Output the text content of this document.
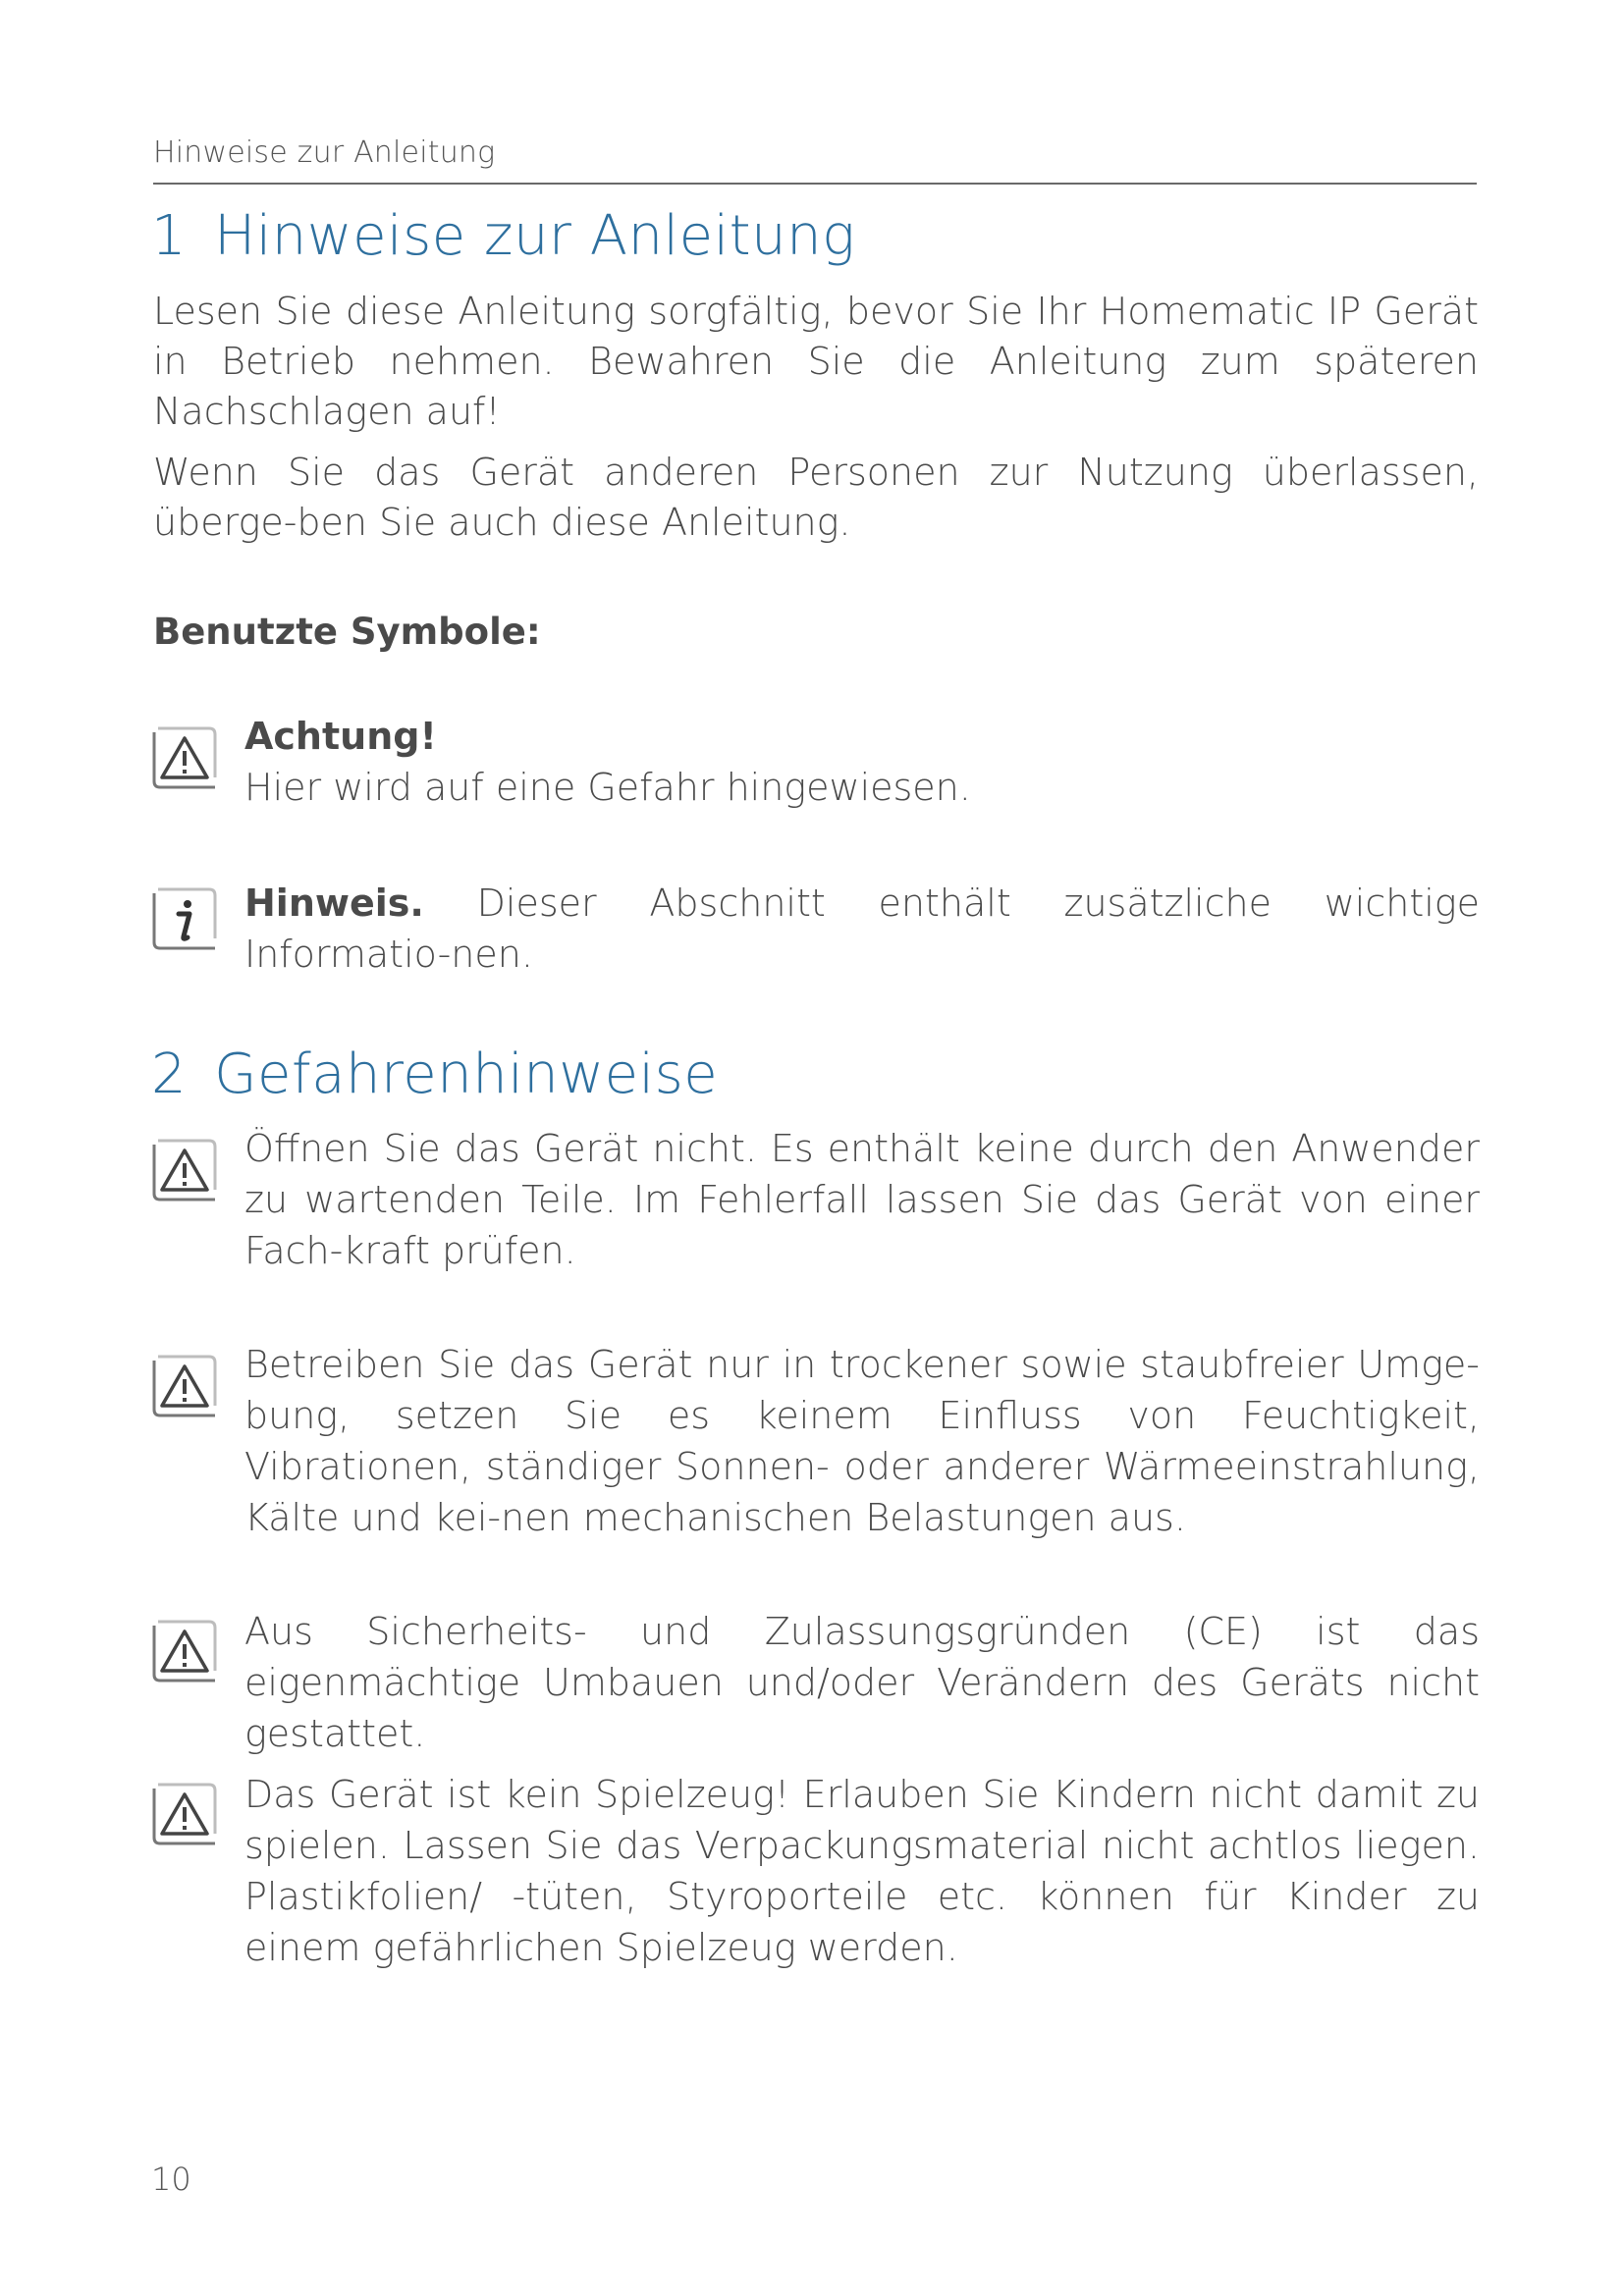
Hinweise zur Anleitung
1 Hinweise zur Anleitung

Lesen Sie diese Anleitung sorgfältig, bevor Sie Ihr Homematic IP Gerät in Betrieb nehmen. Bewahren Sie die Anleitung zum späteren Nachschlagen auf!

Wenn Sie das Gerät anderen Personen zur Nutzung überlassen, überge-ben Sie auch diese Anleitung.

Benutzte Symbole:

Achtung!
Hier wird auf eine Gefahr hingewiesen.

Hinweis. Dieser Abschnitt enthält zusätzliche wichtige Informatio-nen.

2 Gefahrenhinweise

Öffnen Sie das Gerät nicht. Es enthält keine durch den Anwender zu wartenden Teile. Im Fehlerfall lassen Sie das Gerät von einer Fach-kraft prüfen.

Betreiben Sie das Gerät nur in trockener sowie staubfreier Umge-bung, setzen Sie es keinem Einfluss von Feuchtigkeit, Vibrationen, ständiger Sonnen- oder anderer Wärmeeinstrahlung, Kälte und kei-nen mechanischen Belastungen aus.

Aus Sicherheits- und Zulassungsgründen (CE) ist das eigenmächtige Umbauen und/oder Verändern des Geräts nicht gestattet.

Das Gerät ist kein Spielzeug! Erlauben Sie Kindern nicht damit zu spielen. Lassen Sie das Verpackungsmaterial nicht achtlos liegen. Plastikfolien/ -tüten, Styroporteile etc. können für Kinder zu einem gefährlichen Spielzeug werden.

10
